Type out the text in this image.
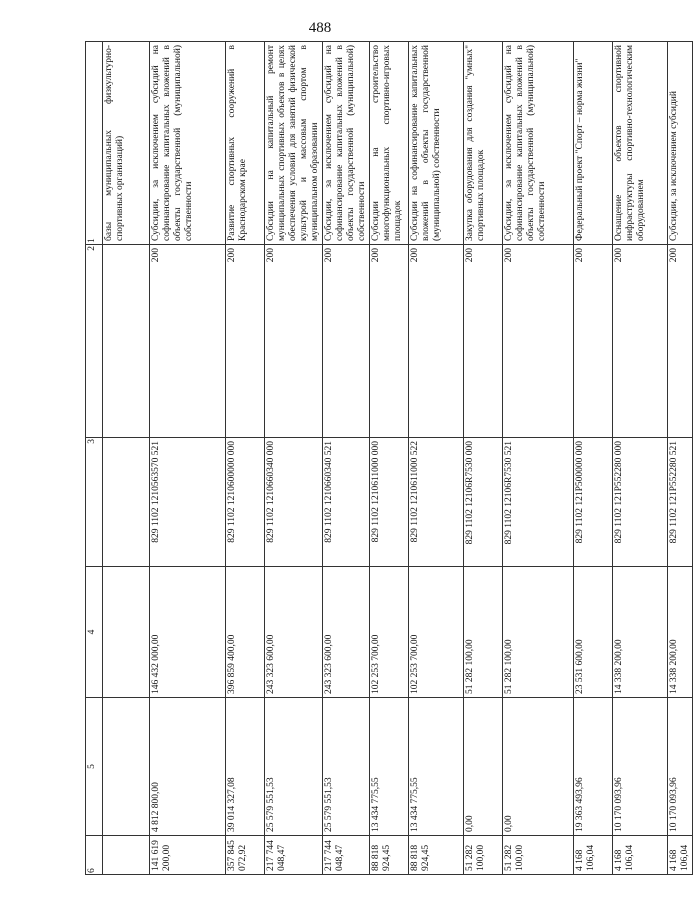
488
6	5	4	3	2	1
					базы муниципальных физкультурно-спортивных организаций)
141 619 200,00	4 812 800,00	146 432 000,00	829 1102 1210563570 521	200	Субсидии, за исключением субсидий на софинансирование капитальных вложений в объекты государственной (муниципальной) собственности
357 845 072,92	39 014 327,08	396 859 400,00	829 1102 1210600000 000	200	Развитие спортивных сооружений в Краснодарском крае
217 744 048,47	25 579 551,53	243 323 600,00	829 1102 1210660340 000	200	Субсидии на капитальный ремонт муниципальных спортивных объектов в целях обеспечения условий для занятий физической культурой и массовым спортом в муниципальном образовании
217 744 048,47	25 579 551,53	243 323 600,00	829 1102 1210660340 521	200	Субсидии, за исключением субсидий на софинансирование капитальных вложений в объекты государственной (муниципальной) собственности
88 818 924,45	13 434 775,55	102 253 700,00	829 1102 1210611000 000	200	Субсидии на строительство многофункциональных спортивно-игровых площадок
88 818 924,45	13 434 775,55	102 253 700,00	829 1102 1210611000 522	200	Субсидии на софинансирование капитальных вложений в объекты государственной (муниципальной) собственности
51 282 100,00	0,00	51 282 100,00	829 1102 12106R7530 000	200	Закупка оборудования для создания "умных" спортивных площадок
51 282 100,00	0,00	51 282 100,00	829 1102 12106R7530 521	200	Субсидии, за исключением субсидий на софинансирование капитальных вложений в объекты государственной (муниципальной) собственности
4 168 106,04	19 363 493,96	23 531 600,00	829 1102 121P500000 000	200	Федеральный проект "Спорт – норма жизни"
4 168 106,04	10 170 093,96	14 338 200,00	829 1102 121P552280 000	200	Оснащение объектов спортивной инфраструктуры спортивно-технологическим оборудованием
4 168 106,04	10 170 093,96	14 338 200,00	829 1102 121P552280 521	200	Субсидии, за исключением субсидий
